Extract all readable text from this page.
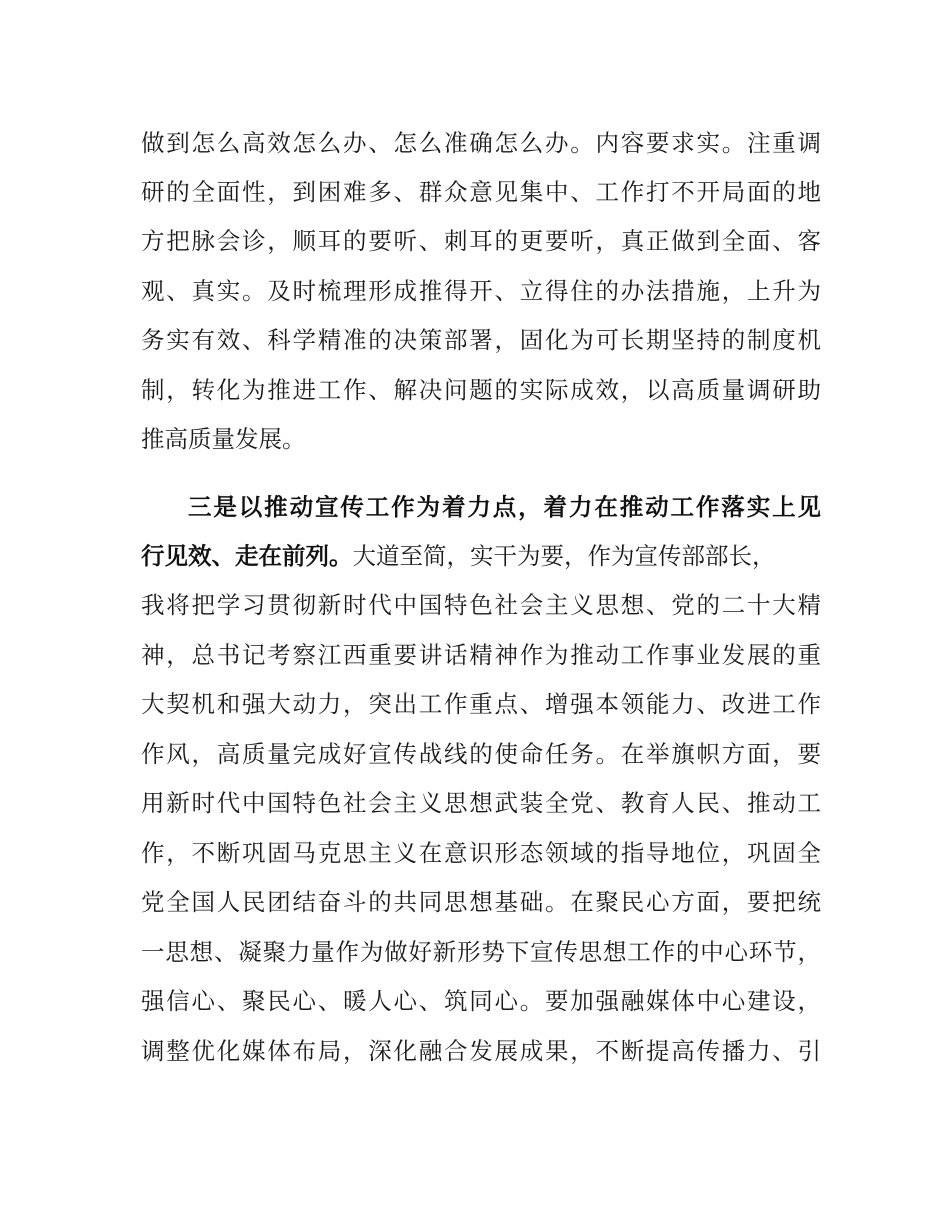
做到怎么高效怎么办、怎么准确怎么办。内容要求实。注重调
研的全面性，到困难多、群众意见集中、工作打不开局面的地
方把脉会诊，顺耳的要听、刺耳的更要听，真正做到全面、客
观、真实。及时梳理形成推得开、立得住的办法措施，上升为
务实有效、科学精准的决策部署，固化为可长期坚持的制度机
制，转化为推进工作、解决问题的实际成效，以高质量调研助
推高质量发展。
三是以推动宣传工作为着力点，着力在推动工作落实上见
行见效、走在前列。大道至简，实干为要，作为宣传部部长，
我将把学习贯彻新时代中国特色社会主义思想、党的二十大精
神，总书记考察江西重要讲话精神作为推动工作事业发展的重
大契机和强大动力，突出工作重点、增强本领能力、改进工作
作风，高质量完成好宣传战线的使命任务。在举旗帜方面，要
用新时代中国特色社会主义思想武装全党、教育人民、推动工
作，不断巩固马克思主义在意识形态领域的指导地位，巩固全
党全国人民团结奋斗的共同思想基础。在聚民心方面，要把统
一思想、凝聚力量作为做好新形势下宣传思想工作的中心环节，
强信心、聚民心、暖人心、筑同心。要加强融媒体中心建设，
调整优化媒体布局，深化融合发展成果，不断提高传播力、引
